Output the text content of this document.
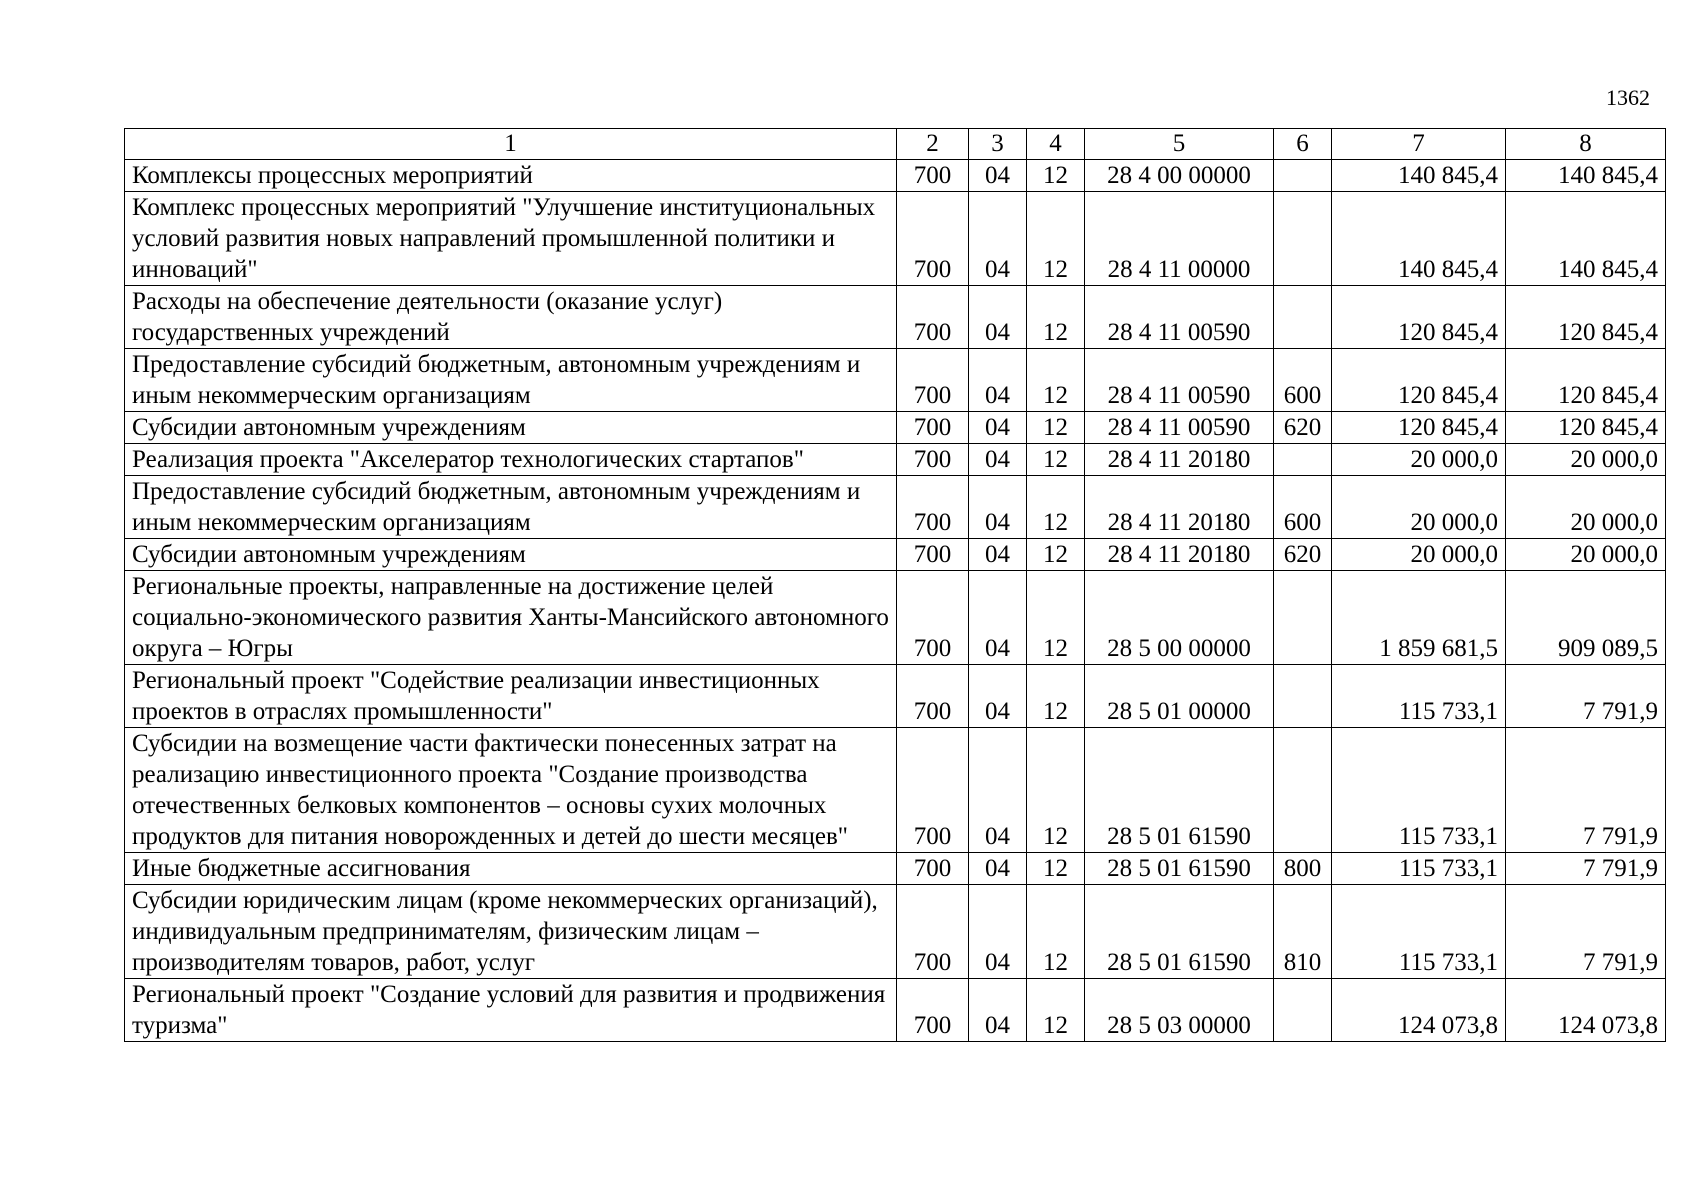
1362
1	2	3	4	5	6	7	8
Комплексы процессных мероприятий	700	04	12	28 4 00 00000		140 845,4	140 845,4
Комплекс процессных мероприятий "Улучшение институциональных условий развития новых направлений промышленной политики и инноваций"	700	04	12	28 4 11 00000		140 845,4	140 845,4
Расходы на обеспечение деятельности (оказание услуг) государственных учреждений	700	04	12	28 4 11 00590		120 845,4	120 845,4
Предоставление субсидий бюджетным, автономным учреждениям и иным некоммерческим организациям	700	04	12	28 4 11 00590	600	120 845,4	120 845,4
Субсидии автономным учреждениям	700	04	12	28 4 11 00590	620	120 845,4	120 845,4
Реализация проекта "Акселератор технологических стартапов"	700	04	12	28 4 11 20180		20 000,0	20 000,0
Предоставление субсидий бюджетным, автономным учреждениям и иным некоммерческим организациям	700	04	12	28 4 11 20180	600	20 000,0	20 000,0
Субсидии автономным учреждениям	700	04	12	28 4 11 20180	620	20 000,0	20 000,0
Региональные проекты, направленные на достижение целей социально-экономического развития Ханты-Мансийского автономного округа – Югры	700	04	12	28 5 00 00000		1 859 681,5	909 089,5
Региональный проект "Содействие реализации инвестиционных проектов в отраслях промышленности"	700	04	12	28 5 01 00000		115 733,1	7 791,9
Субсидии на возмещение части фактически понесенных затрат на реализацию инвестиционного проекта "Создание производства отечественных белковых компонентов – основы сухих молочных продуктов для питания новорожденных и детей до шести месяцев"	700	04	12	28 5 01 61590		115 733,1	7 791,9
Иные бюджетные ассигнования	700	04	12	28 5 01 61590	800	115 733,1	7 791,9
Субсидии юридическим лицам (кроме некоммерческих организаций), индивидуальным предпринимателям, физическим лицам – производителям товаров, работ, услуг	700	04	12	28 5 01 61590	810	115 733,1	7 791,9
Региональный проект "Создание условий для развития и продвижения туризма"	700	04	12	28 5 03 00000		124 073,8	124 073,8
